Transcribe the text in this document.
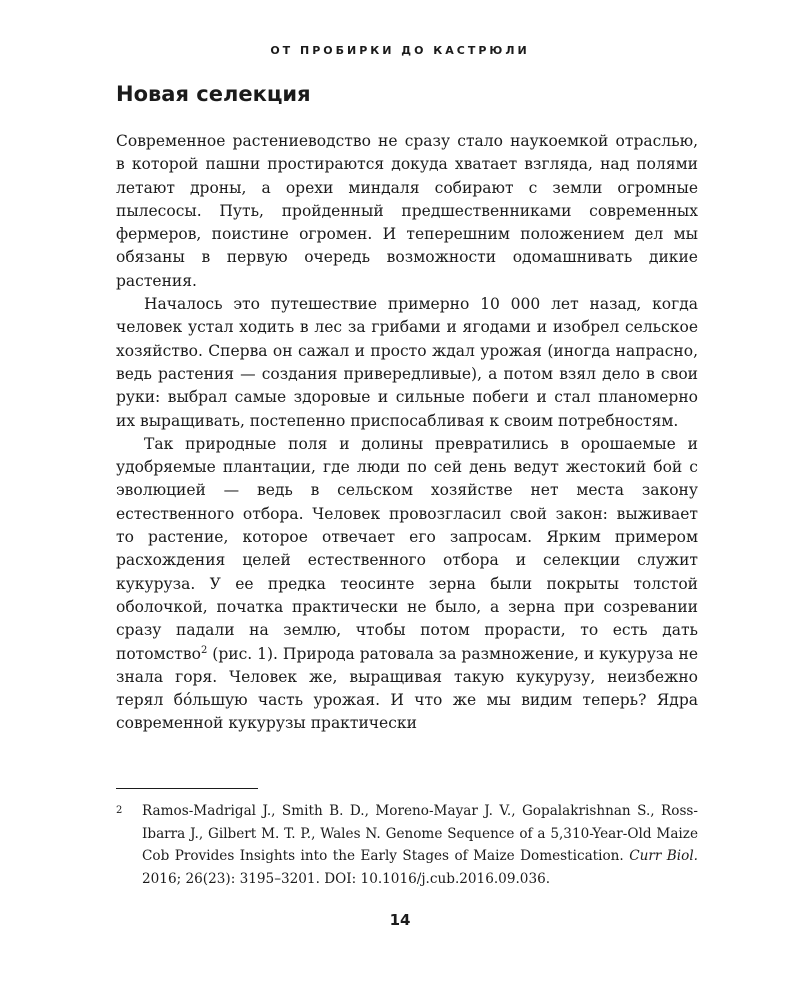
ОТ ПРОБИРКИ ДО КАСТРЮЛИ
Новая селекция

Современное растениеводство не сразу стало наукоемкой отраслью, в которой пашни простираются докуда хватает взгляда, над полями летают дроны, а орехи миндаля собирают с земли огромные пылесосы. Путь, пройденный предшественниками современных фермеров, поистине огромен. И теперешним положением дел мы обязаны в первую очередь возможности одомашнивать дикие растения.

Началось это путешествие примерно 10 000 лет назад, когда человек устал ходить в лес за грибами и ягодами и изобрел сельское хозяйство. Сперва он сажал и просто ждал урожая (иногда напрасно, ведь растения — создания привередливые), а потом взял дело в свои руки: выбрал самые здоровые и сильные побеги и стал планомерно их выращивать, постепенно приспосабливая к своим потребностям.

Так природные поля и долины превратились в орошаемые и удобряемые плантации, где люди по сей день ведут жестокий бой с эволюцией — ведь в сельском хозяйстве нет места закону естественного отбора. Человек провозгласил свой закон: выживает то растение, которое отвечает его запросам. Ярким примером расхождения целей естественного отбора и селекции служит кукуруза. У ее предка теосинте зерна были покрыты толстой оболочкой, початка практически не было, а зерна при созревании сразу падали на землю, чтобы потом прорасти, то есть дать потомство$^2$ (рис. 1). Природа ратовала за размножение, и кукуруза не знала горя. Человек же, выращивая такую кукурузу, неизбежно терял бóльшую часть урожая. И что же мы видим теперь? Ядра современной кукурузы практически

2 Ramos-Madrigal J., Smith B. D., Moreno-Mayar J. V., Gopalakrishnan S., Ross-Ibarra J., Gilbert M. T. P., Wales N. Genome Sequence of a 5,310-Year-Old Maize Cob Provides Insights into the Early Stages of Maize Domestication. Curr Biol. 2016; 26(23): 3195–3201. DOI: 10.1016/j.cub.2016.09.036.
14
